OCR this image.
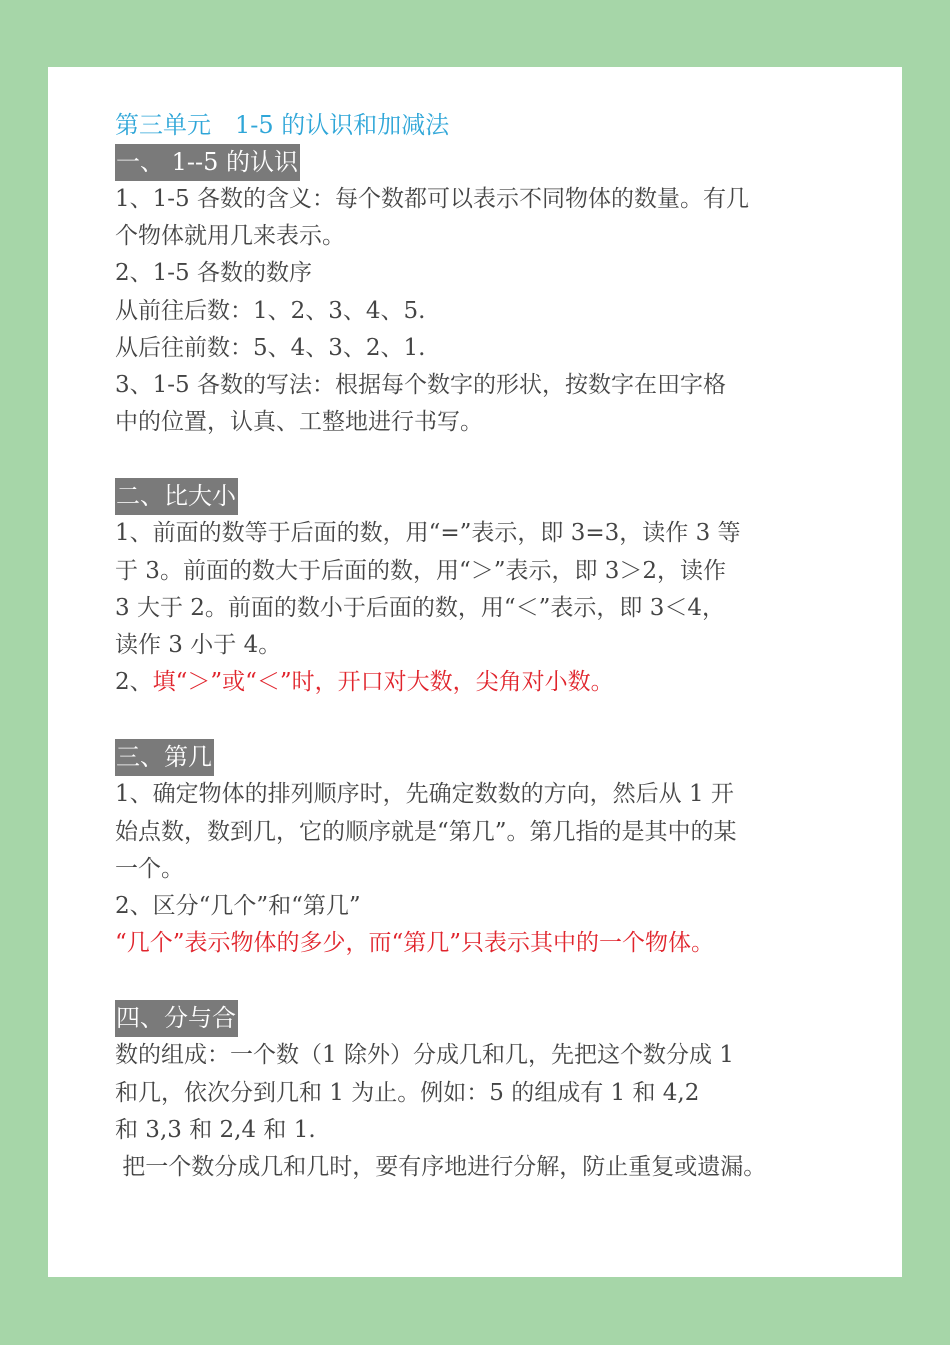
第三单元　1-5 的认识和加减法
一、 1--5 的认识
1、1-5 各数的含义：每个数都可以表示不同物体的数量。有几
个物体就用几来表示。
2、1-5 各数的数序
从前往后数：1、2、3、4、5.
从后往前数：5、4、3、2、1.
3、1-5 各数的写法：根据每个数字的形状，按数字在田字格
中的位置，认真、工整地进行书写。
二、比大小
1、前面的数等于后面的数，用“=”表示，即 3=3，读作 3 等
于 3。前面的数大于后面的数，用“＞”表示，即 3＞2，读作
3 大于 2。前面的数小于后面的数，用“＜”表示，即 3＜4，
读作 3 小于 4。
2、填“＞”或“＜”时，开口对大数，尖角对小数。
三、第几
1、确定物体的排列顺序时，先确定数数的方向，然后从 1 开
始点数，数到几，它的顺序就是“第几”。第几指的是其中的某
一个。
2、区分“几个”和“第几”
“几个”表示物体的多少，而“第几”只表示其中的一个物体。
四、分与合
数的组成：一个数（1 除外）分成几和几，先把这个数分成 1
和几，依次分到几和 1 为止。例如：5 的组成有 1 和 4,2
和 3,3 和 2,4 和 1.
把一个数分成几和几时，要有序地进行分解，防止重复或遗漏。
